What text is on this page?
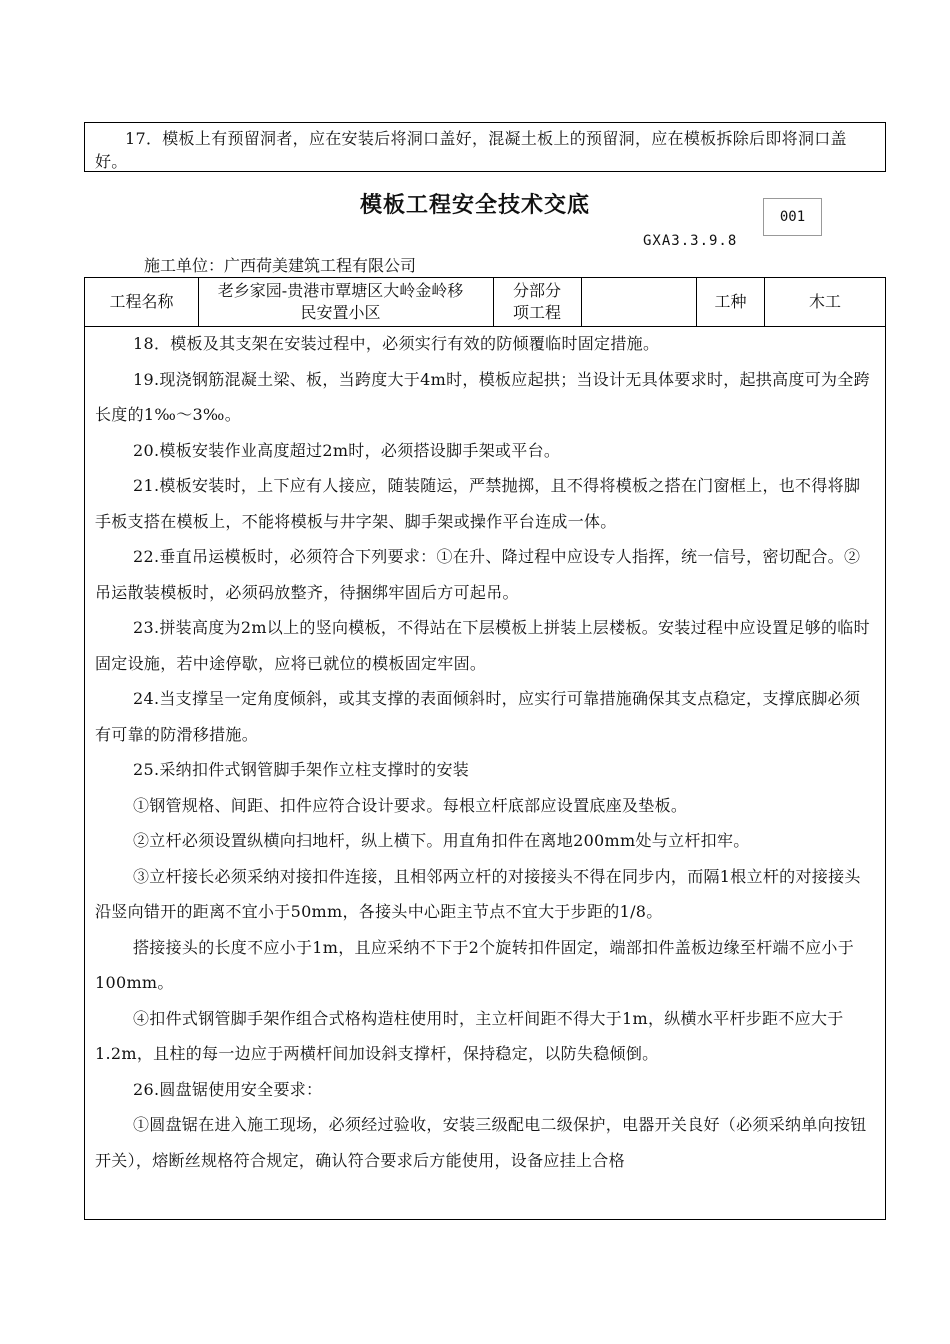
17．模板上有预留洞者，应在安装后将洞口盖好，混凝土板上的预留洞，应在模板拆除后即将洞口盖好。

模板工程安全技术交底	001
GXA3.3.9.8
施工单位：广西荷美建筑工程有限公司
工程名称
老乡家园-贵港市覃塘区大岭金岭移民安置小区
分部分项工程
工种	木工

18．模板及其支架在安装过程中，必须实行有效的防倾覆临时固定措施。

19.现浇钢筋混凝土梁、板，当跨度大于4m时，模板应起拱；当设计无具体要求时，起拱高度可为全跨长度的1‰～3‰。

20.模板安装作业高度超过2m时，必须搭设脚手架或平台。

21.模板安装时，上下应有人接应，随装随运，严禁抛掷，且不得将模板之搭在门窗框上，也不得将脚手板支搭在模板上，不能将模板与井字架、脚手架或操作平台连成一体。

22.垂直吊运模板时，必须符合下列要求：①在升、降过程中应设专人指挥，统一信号，密切配合。②吊运散装模板时，必须码放整齐，待捆绑牢固后方可起吊。

23.拼装高度为2m以上的竖向模板，不得站在下层模板上拼装上层楼板。安装过程中应设置足够的临时固定设施，若中途停歇，应将已就位的模板固定牢固。

24.当支撑呈一定角度倾斜，或其支撑的表面倾斜时，应实行可靠措施确保其支点稳定，支撑底脚必须有可靠的防滑移措施。

25.采纳扣件式钢管脚手架作立柱支撑时的安装

①钢管规格、间距、扣件应符合设计要求。每根立杆底部应设置底座及垫板。

②立杆必须设置纵横向扫地杆，纵上横下。用直角扣件在离地200mm处与立杆扣牢。

③立杆接长必须采纳对接扣件连接，且相邻两立杆的对接接头不得在同步内，而隔1根立杆的对接接头沿竖向错开的距离不宜小于50mm，各接头中心距主节点不宜大于步距的1/8。

搭接接头的长度不应小于1m，且应采纳不下于2个旋转扣件固定，端部扣件盖板边缘至杆端不应小于100mm。

④扣件式钢管脚手架作组合式格构造柱使用时，主立杆间距不得大于1m，纵横水平杆步距不应大于1.2m，且柱的每一边应于两横杆间加设斜支撑杆，保持稳定，以防失稳倾倒。

26.圆盘锯使用安全要求：

①圆盘锯在进入施工现场，必须经过验收，安装三级配电二级保护，电器开关良好（必须采纳单向按钮开关），熔断丝规格符合规定，确认符合要求后方能使用，设备应挂上合格
